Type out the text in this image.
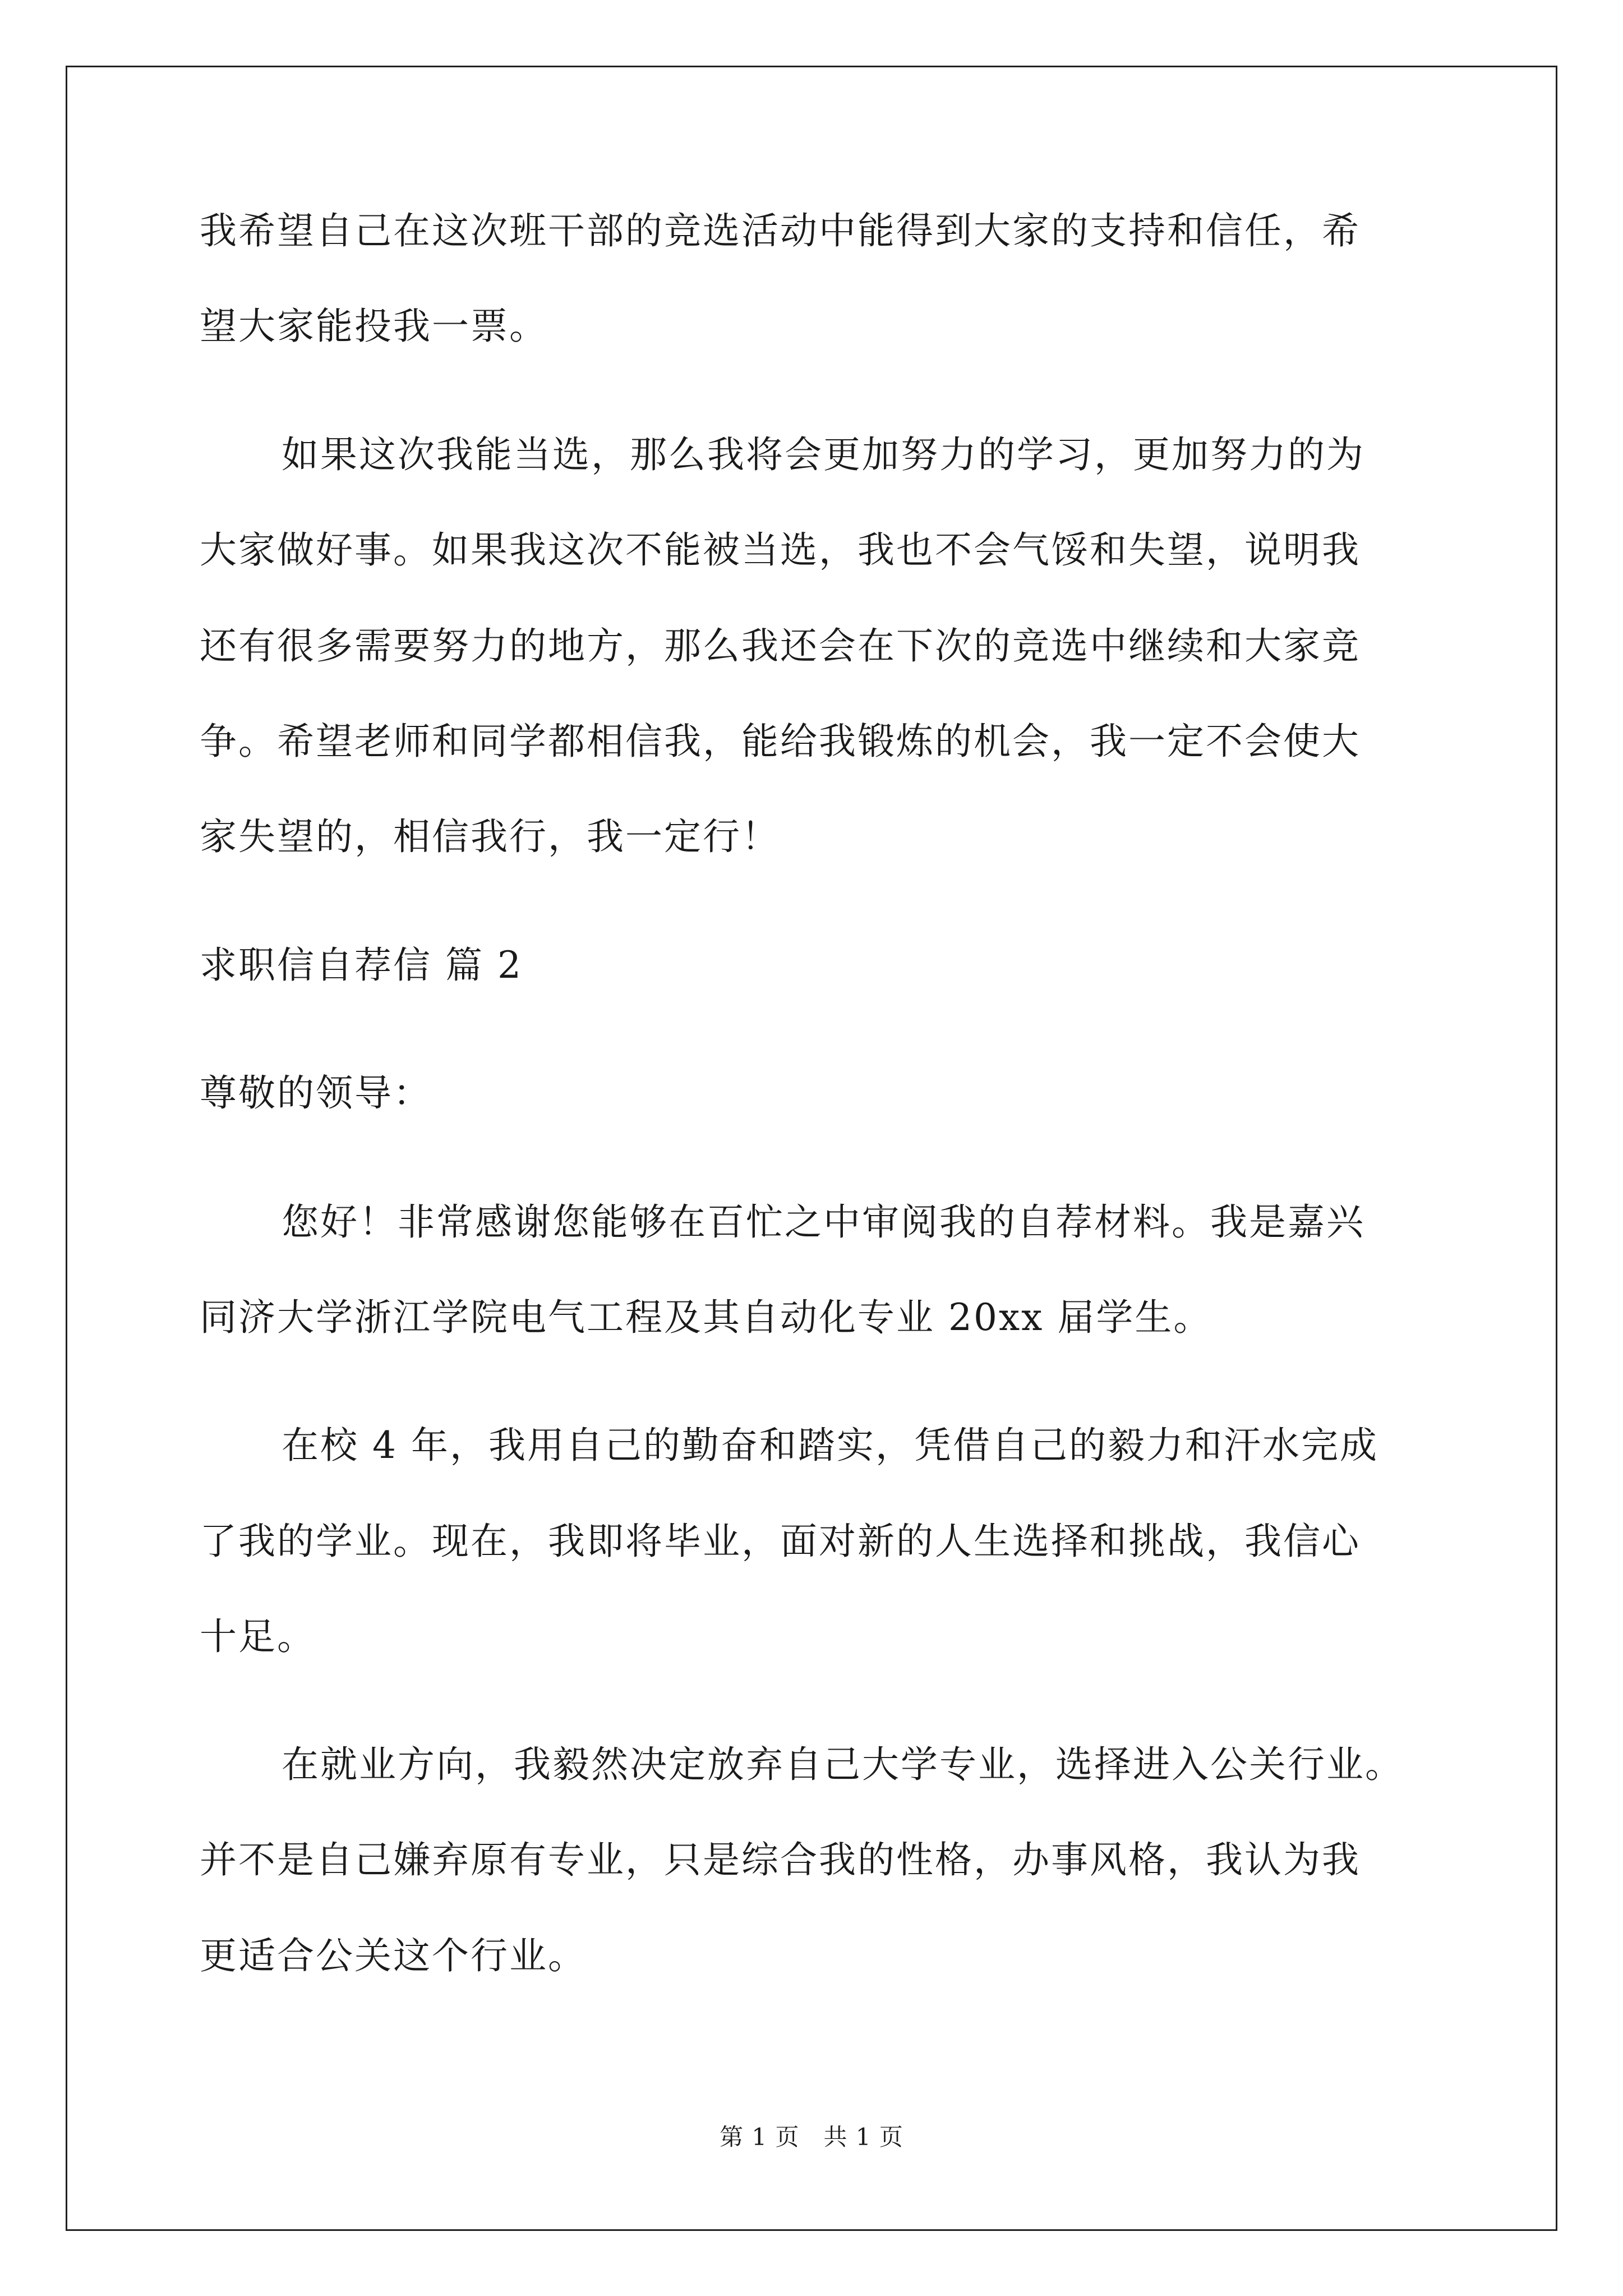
我希望自己在这次班干部的竞选活动中能得到大家的支持和信任，希

望大家能投我一票。

如果这次我能当选，那么我将会更加努力的学习，更加努力的为

大家做好事。如果我这次不能被当选，我也不会气馁和失望，说明我

还有很多需要努力的地方，那么我还会在下次的竞选中继续和大家竞

争。希望老师和同学都相信我，能给我锻炼的机会，我一定不会使大

家失望的，相信我行，我一定行！

求职信自荐信 篇 2

尊敬的领导：

您好！非常感谢您能够在百忙之中审阅我的自荐材料。我是嘉兴

同济大学浙江学院电气工程及其自动化专业 20xx 届学生。

在校 4 年，我用自己的勤奋和踏实，凭借自己的毅力和汗水完成

了我的学业。现在，我即将毕业，面对新的人生选择和挑战，我信心

十足。

在就业方向，我毅然决定放弃自己大学专业，选择进入公关行业。

并不是自己嫌弃原有专业，只是综合我的性格，办事风格，我认为我

更适合公关这个行业。

第 1 页　共 1 页
